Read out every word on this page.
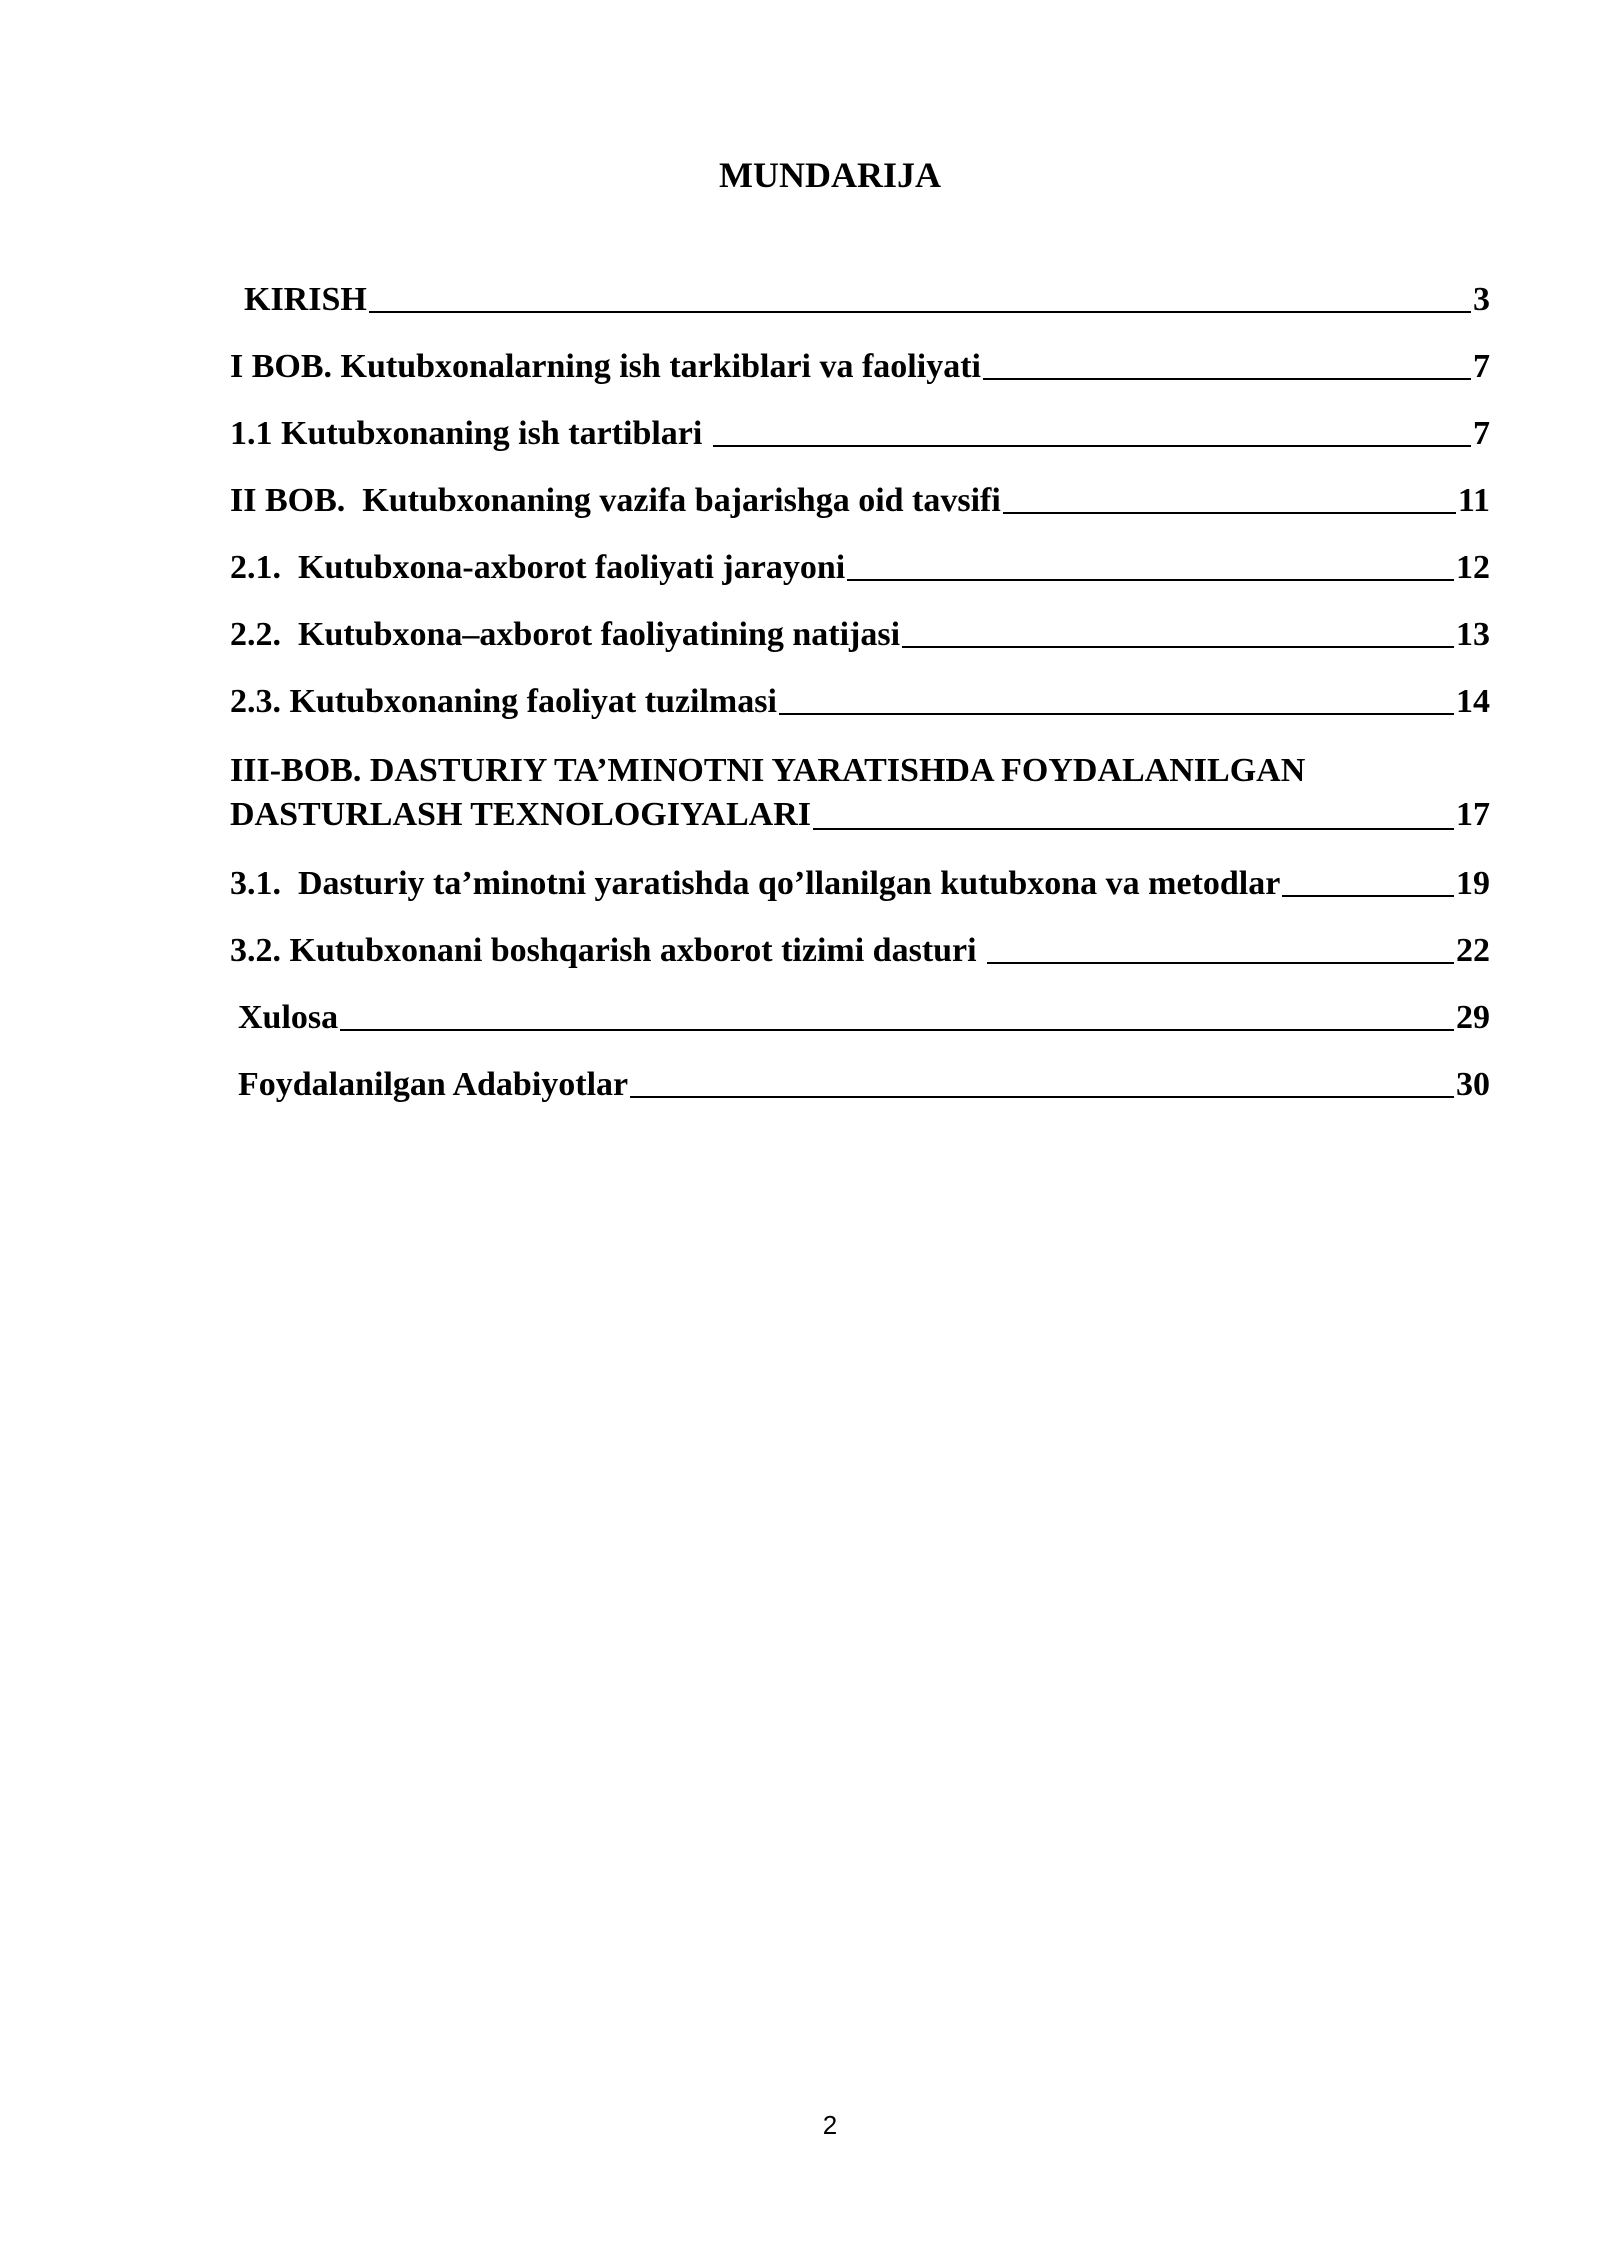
MUNDARIJA
KIRISH	3
I BOB. Kutubxonalarning ish tarkiblari va faoliyati	7
1.1 Kutubxonaning ish tartiblari	7
II BOB.  Kutubxonaning vazifa bajarishga oid tavsifi	11
2.1.  Kutubxona-axborot faoliyati jarayoni	12
2.2.  Kutubxona–axborot faoliyatining natijasi	13
2.3. Kutubxonaning faoliyat tuzilmasi	14
III-BOB. DASTURIY TA’MINOTNI YARATISHDA FOYDALANILGAN
DASTURLASH TEXNOLOGIYALARI	17
3.1.  Dasturiy ta’minotni yaratishda qo’llanilgan kutubxona va metodlar	19
3.2. Kutubxonani boshqarish axborot tizimi dasturi	22
Xulosa	29
Foydalanilgan Adabiyotlar	30
2
